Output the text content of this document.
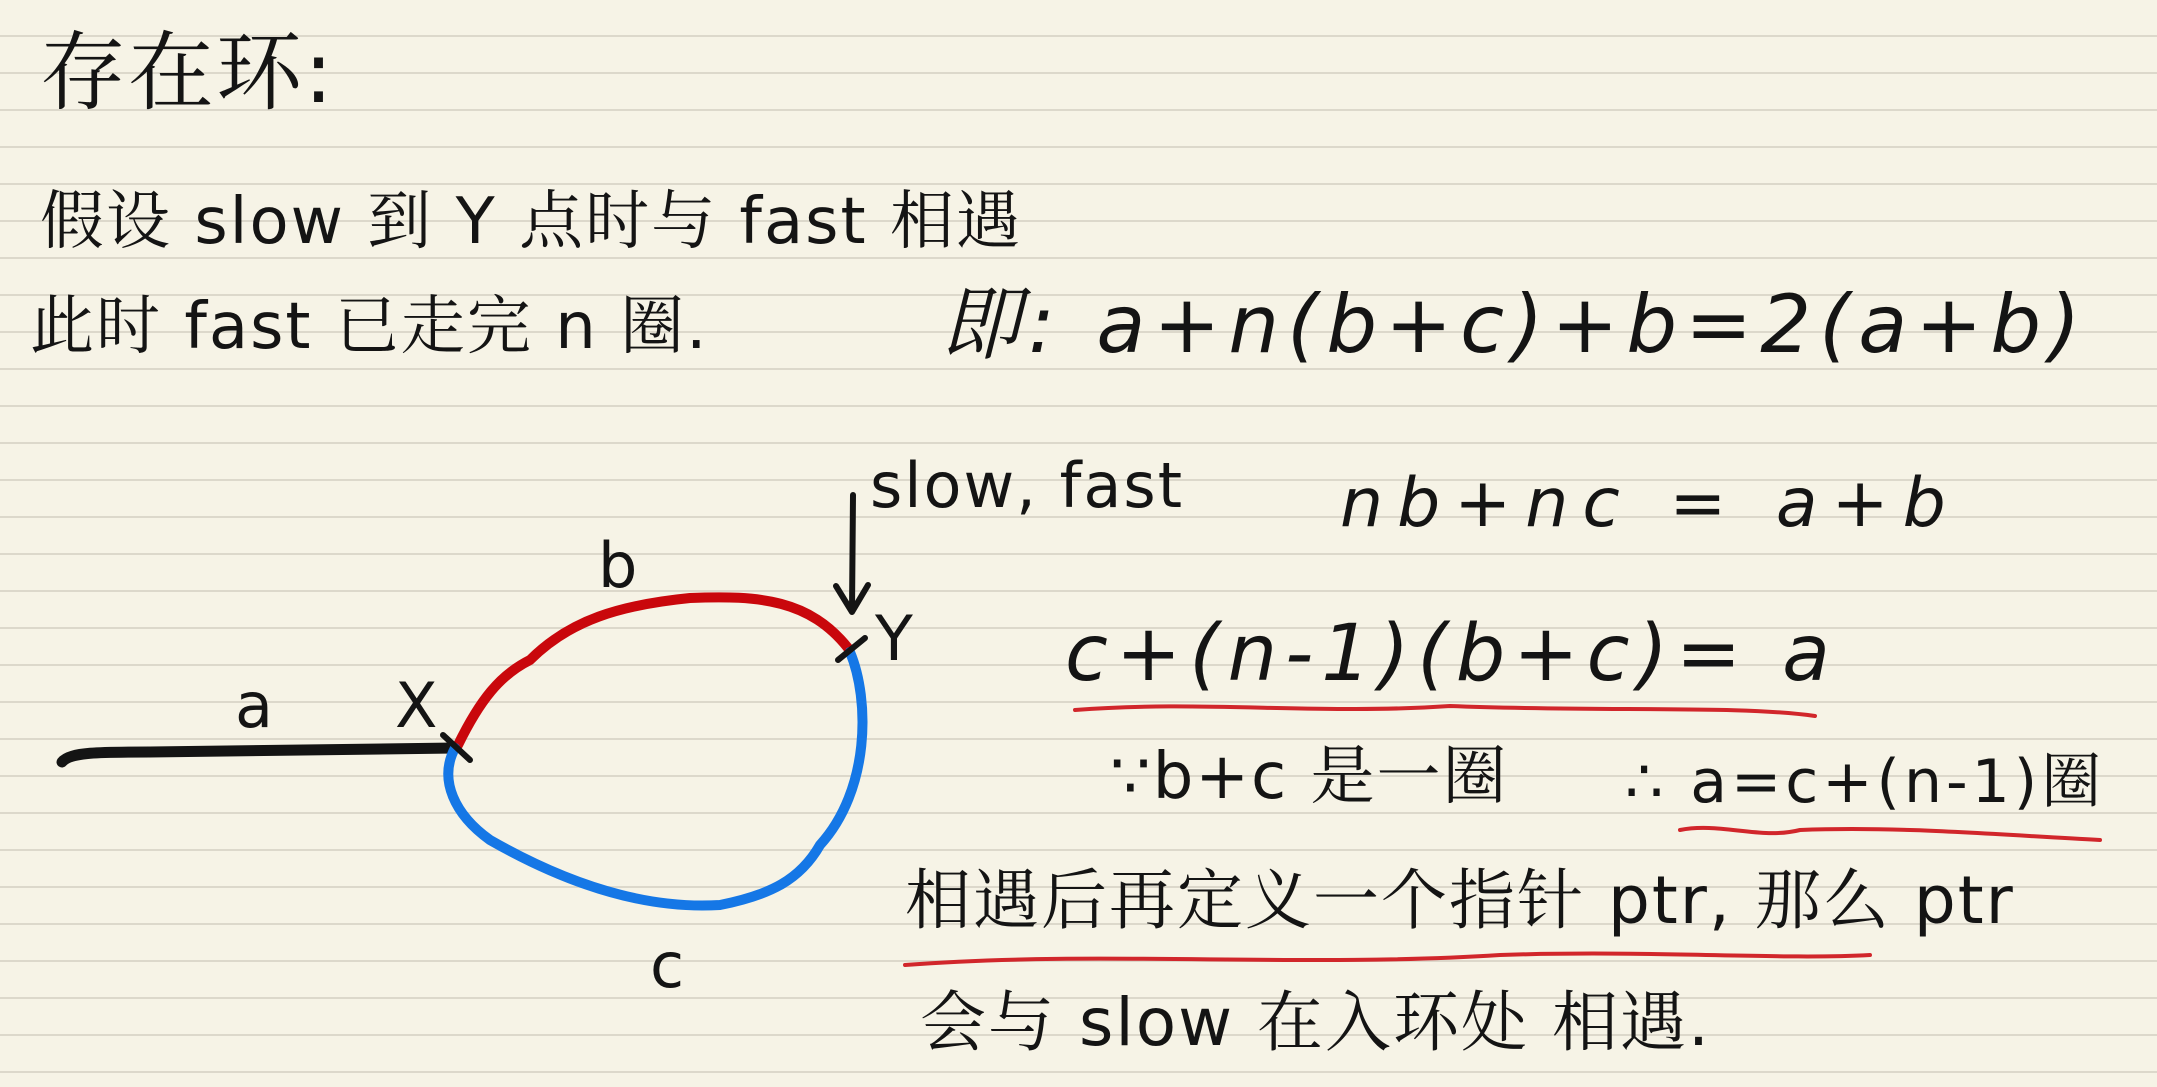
存在环:
假设 slow 到 Y 点时与 fast 相遇
此时 fast 已走完 n 圈.	即: a+n(b+c)+b=2(a+b)
slow, fast nb+nc = a+b
c+(n-1)(b+c)= a
∵b+c 是一圈 ∴ a=c+(n-1)圈
相遇后再定义一个指针 ptr, 那么 ptr
会与 slow 在入环处 相遇.
a
b
c
X
Y
